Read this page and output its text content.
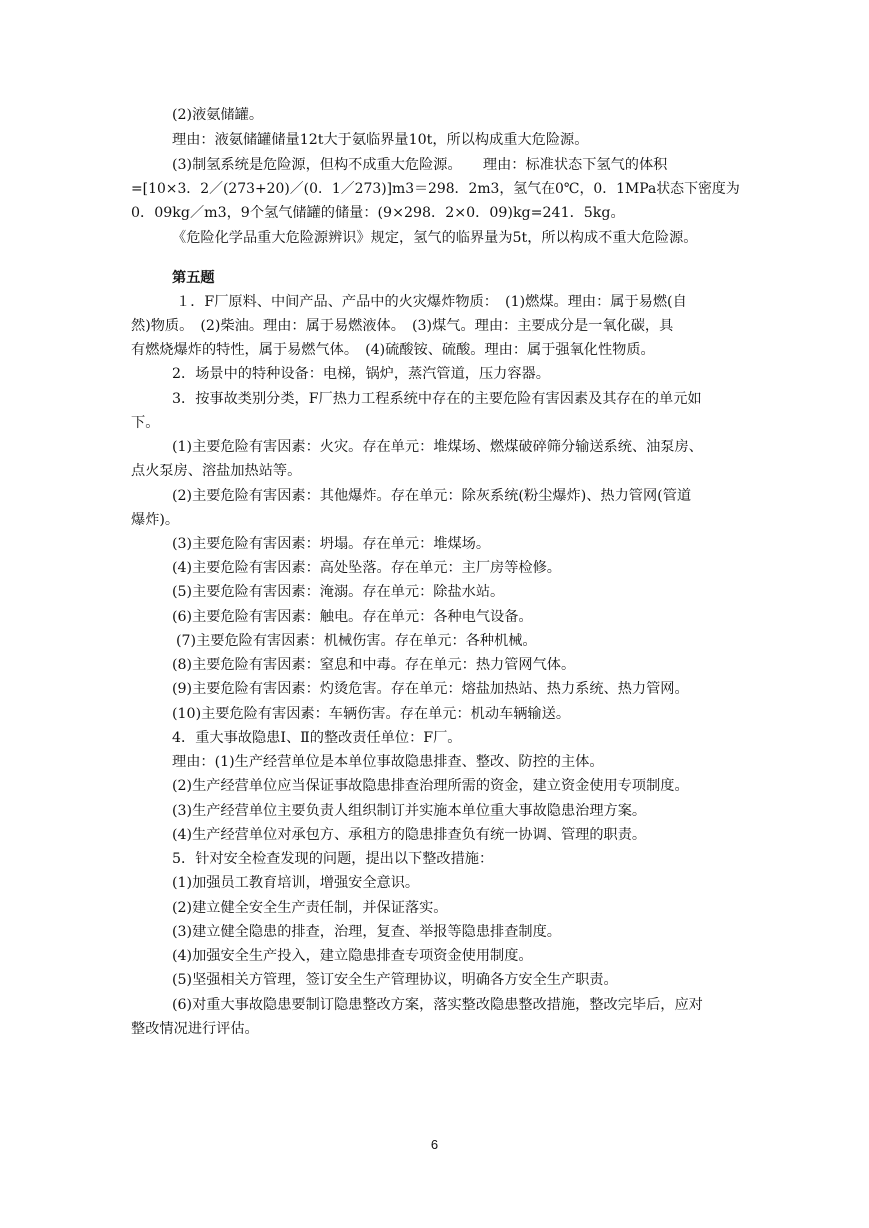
(2)液氨储罐。
理由：液氨储罐储量12t大于氨临界量10t，所以构成重大危险源。
(3)制氢系统是危险源，但构不成重大危险源。　　理由：标准状态下氢气的体积
=[10×3．2／(273+20)／(0．1／273)]m3＝298．2m3，氢气在0℃，0．1MPa状态下密度为
0．09kg／m3，9个氢气储罐的储量：(9×298．2×0．09)kg=241．5kg。
《危险化学品重大危险源辨识》规定，氢气的临界量为5t，所以构成不重大危险源。
第五题
１．F厂原料、中间产品、产品中的火灾爆炸物质：　(1)燃煤。理由：属于易燃(自
然)物质。　(2)柴油。理由：属于易燃液体。　(3)煤气。理由：主要成分是一氧化碳，具
有燃烧爆炸的特性，属于易燃气体。　(4)硫酸铵、硫酸。理由：属于强氧化性物质。
2．场景中的特种设备：电梯，锅炉，蒸汽管道，压力容器。
3．按事故类别分类，F厂热力工程系统中存在的主要危险有害因素及其存在的单元如
下。
(1)主要危险有害因素：火灾。存在单元：堆煤场、燃煤破碎筛分输送系统、油泵房、
点火泵房、溶盐加热站等。
(2)主要危险有害因素：其他爆炸。存在单元：除灰系统(粉尘爆炸)、热力管网(管道
爆炸)。
(3)主要危险有害因素：坍塌。存在单元：堆煤场。
(4)主要危险有害因素：高处坠落。存在单元：主厂房等检修。
(5)主要危险有害因素：淹溺。存在单元：除盐水站。
(6)主要危险有害因素：触电。存在单元：各种电气设备。
(7)主要危险有害因素：机械伤害。存在单元：各种机械。
(8)主要危险有害因素：窒息和中毒。存在单元：热力管网气体。
(9)主要危险有害因素：灼烫危害。存在单元：熔盐加热站、热力系统、热力管网。
(10)主要危险有害因素：车辆伤害。存在单元：机动车辆输送。
4．重大事故隐患Ⅰ、Ⅱ的整改责任单位：F厂。
理由：(1)生产经营单位是本单位事故隐患排查、整改、防控的主体。
(2)生产经营单位应当保证事故隐患排查治理所需的资金，建立资金使用专项制度。
(3)生产经营单位主要负责人组织制订并实施本单位重大事故隐患治理方案。
(4)生产经营单位对承包方、承租方的隐患排查负有统一协调、管理的职责。
5．针对安全检查发现的问题，提出以下整改措施：
(1)加强员工教育培训，增强安全意识。
(2)建立健全安全生产责任制，并保证落实。
(3)建立健全隐患的排查，治理，复查、举报等隐患排查制度。
(4)加强安全生产投入，建立隐患排查专项资金使用制度。
(5)坚强相关方管理，签订安全生产管理协议，明确各方安全生产职责。
(6)对重大事故隐患要制订隐患整改方案，落实整改隐患整改措施，整改完毕后，应对
整改情况进行评估。
6
